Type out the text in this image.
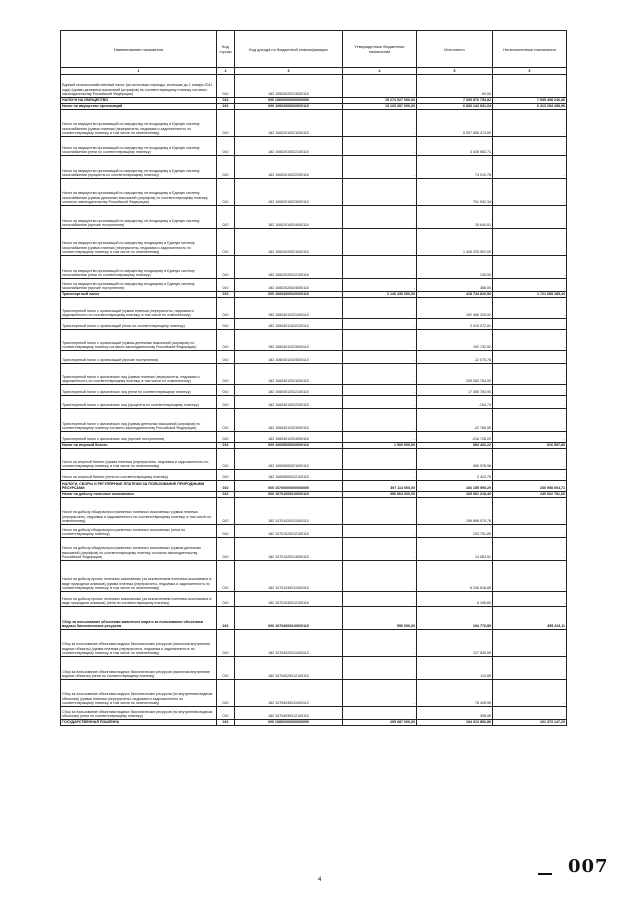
Наименование показателя	Код строки	Код дохода по бюджетной классификации	Утвержденные бюджетные назначения	Исполнено	Неисполненные назначения
1	2	3	4	5	6
Единый сельскохозяйственный налог (за налоговые периоды, истекшие до 1 января 2011 года) (суммы денежных взысканий (штрафов) по соответствующему платежу согласно законодательству Российской Федерации)	010	182 10503020013000110	-	-90,00	-
НАЛОГИ НА ИМУЩЕСТВО	010	000 10600000000000000	15 274 527 000,00	7 330 870 753,82	7 935 498 246,36
Налог на имущество организаций	010	000 10602000020000110	13 133 397 000,00	6 830 142 541,04	6 313 254 458,96
Налог на имущество организаций по имуществу, не входящему в Единую систему газоснабжения (сумма платежа (перерасчеты, недоимка и задолженность по соответствующему платежу, в том числе по отмененному)	010	182 10602010021000110	-	5 507 808 474,60	-
Налог на имущество организаций по имуществу, не входящему в Единую систему газоснабжения (пени по соответствующему платежу)	010	182 10602010022100110	-	3 426 562,71	-
Налог на имущество организаций по имуществу, не входящему в Единую систему газоснабжения (проценты по соответствующему платежу)	010	182 10602010022200110	-	74 010,78	-
Налог на имущество организаций по имуществу, не входящему в Единую систему газоснабжения (суммы денежных взысканий (штрафов) по соответствующему платежу согласно законодательству Российской Федерации)	010	182 10602010023000110	-	701 542,34	-
Налог на имущество организаций по имуществу, не входящему в Единую систему газоснабжения (прочие поступления)	010	182 10602010024000110	-	15 640,61	-
Налог на имущество организаций по имуществу, входящему в Единую систему газоснабжения (сумма платежа (перерасчеты, недоимка и задолженность по соответствующему платежу, в том числе по отмененному)	010	182 10602020021000110	-	1 406 225 902,00	-
Налог на имущество организаций по имуществу, входящему в Единую систему газоснабжения (пени по соответствующему платежу)	010	182 10602020022100110	-	130,00	-
Налог на имущество организаций по имуществу, входящему в Единую систему газоснабжения (прочие поступления)	010	182 10602020024000110	-	388,00	-
Транспортный налог	010	000 10604000020000110	2 140 430 000,00	418 744 810,56	1 721 685 189,44
Транспортный налог с организаций (сумма платежа (перерасчеты, недоимка и задолженность по соответствующему платежу, в том числе по отмененному)	010	182 10604011021000110	-	192 469 329,92	-
Транспортный налог с организаций (пени по соответствующему платежу)	010	182 10604011022100110	-	2 015 072,81	-
Транспортный налог с организаций (суммы денежных взысканий (штрафов) по соответствующему платежу согласно законодательству Российской Федерации)	010	182 10604011023000110	-	192 732,52	-
Транспортный налог с организаций (прочие поступления)	010	182 10604011024000110	-	-12 075,78	-
Транспортный налог с физических лиц (сумма платежа (перерасчеты, недоимка и задолженность по соответствующему платежу, в том числе по отмененному)	010	182 10604012021000110	-	209 052 764,93	-
Транспортный налог с физических лиц (пени по соответствующему платежу)	010	182 10604012022100110	-	17 365 784,90	-
Транспортный налог с физических лиц (проценты по соответствующему платежу)	010	182 10604012022200110	-	-104,74	-
Транспортный налог с физических лиц (суммы денежных взысканий (штрафов) по соответствующему платежу согласно законодательству Российской Федерации)	010	182 10604012023000110	-	-22 766,55	-
Транспортный налог с физических лиц (прочие поступления)	010	182 10604012024000110	-	-316 728,20	-
Налог на игорный бизнес	010	000 10605000020000110	1 500 000,00	983 402,22	516 597,80
Налог на игорный бизнес (сумма платежа (перерасчеты, недоимка и задолженность по соответствующему платежу, в том числе по отмененному)	010	182 10605000021000110	-	980 978,96	-
Налог на игорный бизнес (пени по соответствующему платежу)	010	182 10605000022100110	-	2 423,75	-
НАЛОГИ, СБОРЫ И РЕГУЛЯРНЫЕ ПЛАТЕЖИ ЗА ПОЛЬЗОВАНИЕ ПРИРОДНЫМИ РЕСУРСАМИ	010	000 10700000000000000	397 114 000,00	166 155 995,29	230 958 004,71
Налог на добычу полезных ископаемых	010	000 10701000010000110	396 564 000,00	165 961 218,40	230 602 781,60
Налог на добычу общераспространенных полезных ископаемых (сумма платежа (перерасчеты, недоимка и задолженность по соответствующему платежу, в том числе по отмененному)	010	182 10701020011000110	-	159 698 070,76	-
Налог на добычу общераспространенных полезных ископаемых (пени по соответствующему платежу)	010	182 10701020012100110	-	103 751,89	-
Налог на добычу общераспространенных полезных ископаемых (суммы денежных взысканий (штрафов) по соответствующему платежу согласно законодательству Российской Федерации)	010	182 10701020013000110	-	14 583,51	-
Налог на добычу прочих полезных ископаемых (за исключением полезных ископаемых в виде природных алмазов) (сумма платежа (перерасчеты, недоимка и задолженность по соответствующему платежу, в том числе по отмененному)	010	182 10701030011000110	-	6 248 616,85	-
Налог на добычу прочих полезных ископаемых (за исключением полезных ископаемых в виде природных алмазов) (пени по соответствующему платежу)	010	182 10701030012100110	-	6 195,60	-
Сбор за пользование объектами животного мира и за пользование объектами водных биологических ресурсов	010	000 10704000010000110	550 000,00	194 776,89	355 223,11
Сбор за пользование объектами водных биологических ресурсов (исключая внутренние водные объекты) (сумма платежа (перерасчеты, недоимка и задолженность по соответствующему платежу, в том числе по отмененному)	010	182 10704020011000110	-	117 839,06	-
Сбор за пользование объектами водных биологических ресурсов (исключая внутренние водные объекты) (пени по соответствующему платежу)	010	182 10704020012100110	-	112,89	-
Сбор за пользование объектами водных биологических ресурсов (по внутренним водным объектам) (сумма платежа (перерасчеты, недоимка и задолженность по соответствующему платежу, в том числе по отмененному)	010	182 10704030011000110	-	76 428,98	-
Сбор за пользование объектами водных биологических ресурсов (по внутренним водным объектам) (пени по соответствующему платежу)	010	182 10704030012100110	-	395,96	-
ГОСУДАРСТВЕННАЯ ПОШЛИНА	010	000 10800000000000000	295 687 000,00	194 313 852,80	101 373 147,20
4
007
